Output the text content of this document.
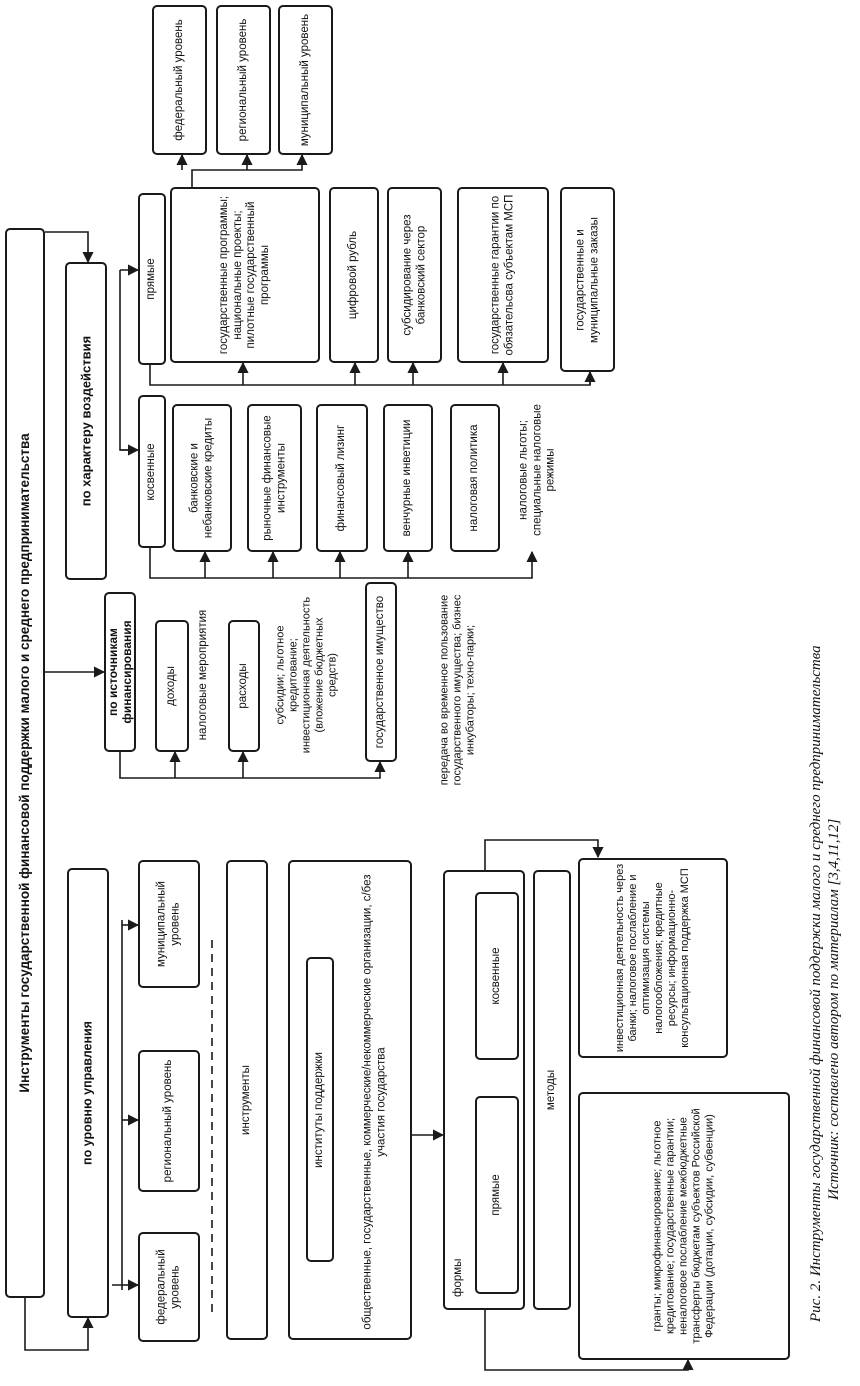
Инструменты государственной финансовой поддержки малого и среднего предпринимательства
по характеру воздействия
по источникам финансирования
по уровню управления
муниципальный уровень
региональный уровень
федеральный уровень
инструменты	институты поддержки	общественные, государственные, коммерческие/некоммерческие организации, с/без участия государства
формы
косвенные
прямые
методы
инвестиционная деятельность через банки; налоговое послабление и оптимизация системы налогообложения; кредитные ресурсы; информационно-консультационная поддержка МСП
гранты; микрофинансирование; льготное кредитование; государственные гарантии; неналоговое послабление межбюджетные трансферты бюджетам субъектов Российской Федерации (дотации, субсидии, субвенции)
доходы налоговые мероприятия расходы субсидии; льготное кредитование; инвестиционная деятельность (вложение бюджетных средств)	государственное имущество	передача во временное пользование государственного имущества; бизнес инкубаторы; техно-парки;
косвенные	банковские и небанковские кредиты	рыночные финансовые инструменты	финансовый лизинг	венчурные инветиции	налоговая политика	налоговые льготы; специальные налоговые режимы
прямые	государственные программы; национальные проекты; пилотные государственный программы	цифровой рубль	субсидирование через банковский сектор	государственные гарантии по обязательсва субъектам МСП	государственные и муниципальные заказы
федеральный уровень	региональный уровень	муниципальный уровень
Рис. 2. Инструменты государственной финансовой поддержки малого и среднего предпринимательства Источник: составлено автором по материалам [3,4,11,12]
